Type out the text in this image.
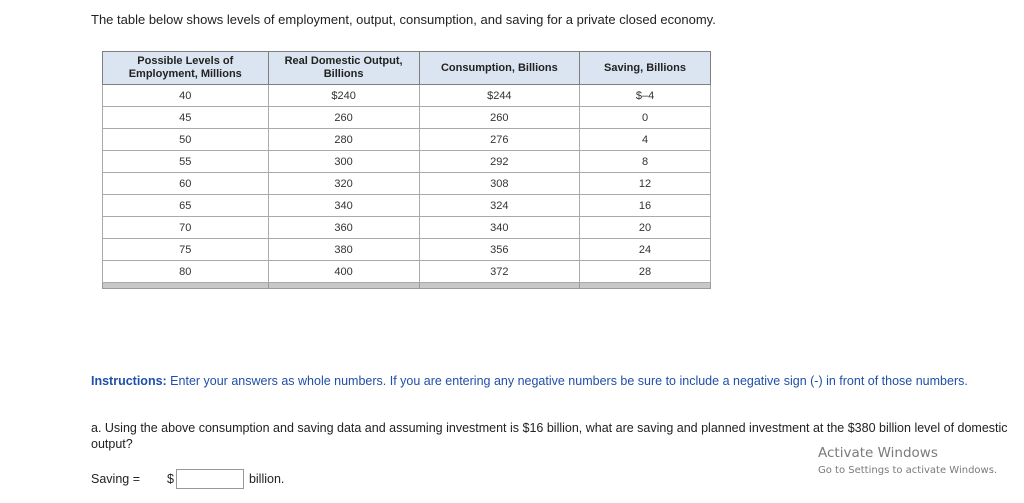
The table below shows levels of employment, output, consumption, and saving for a private closed economy.
Possible Levels of Employment, Millions	Real Domestic Output, Billions	Consumption, Billions	Saving, Billions
40	$240	$244	$–4
45	260	260	0
50	280	276	4
55	300	292	8
60	320	308	12
65	340	324	16
70	360	340	20
75	380	356	24
80	400	372	28

Instructions: Enter your answers as whole numbers. If you are entering any negative numbers be sure to include a negative sign (-) in front of those numbers.
a. Using the above consumption and saving data and assuming investment is $16 billion, what are saving and planned investment at the $380 billion level of domestic output?
Saving = $	billion.
Activate Windows
Go to Settings to activate Windows.
